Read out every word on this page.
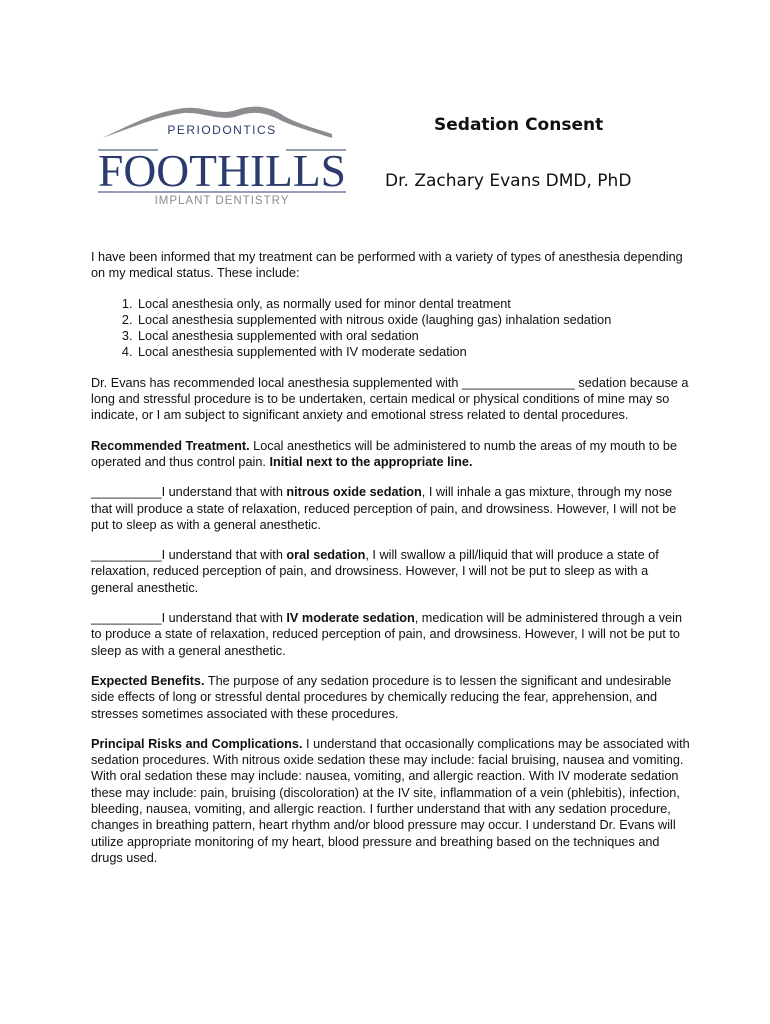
PERIODONTICS
FOOTHILLS
IMPLANT DENTISTRY
Sedation Consent
Dr. Zachary Evans DMD, PhD

I have been informed that my treatment can be performed with a variety of types of anesthesia depending on my medical status. These include:

1. Local anesthesia only, as normally used for minor dental treatment
2. Local anesthesia supplemented with nitrous oxide (laughing gas) inhalation sedation
3. Local anesthesia supplemented with oral sedation
4. Local anesthesia supplemented with IV moderate sedation

Dr. Evans has recommended local anesthesia supplemented with ________________ sedation because a long and stressful procedure is to be undertaken, certain medical or physical conditions of mine may so indicate, or I am subject to significant anxiety and emotional stress related to dental procedures.

Recommended Treatment. Local anesthetics will be administered to numb the areas of my mouth to be operated and thus control pain. Initial next to the appropriate line.

__________I understand that with nitrous oxide sedation, I will inhale a gas mixture, through my nose that will produce a state of relaxation, reduced perception of pain, and drowsiness. However, I will not be put to sleep as with a general anesthetic.

__________I understand that with oral sedation, I will swallow a pill/liquid that will produce a state of relaxation, reduced perception of pain, and drowsiness. However, I will not be put to sleep as with a general anesthetic.

__________I understand that with IV moderate sedation, medication will be administered through a vein to produce a state of relaxation, reduced perception of pain, and drowsiness. However, I will not be put to sleep as with a general anesthetic.

Expected Benefits. The purpose of any sedation procedure is to lessen the significant and undesirable side effects of long or stressful dental procedures by chemically reducing the fear, apprehension, and stresses sometimes associated with these procedures.

Principal Risks and Complications. I understand that occasionally complications may be associated with sedation procedures. With nitrous oxide sedation these may include: facial bruising, nausea and vomiting. With oral sedation these may include: nausea, vomiting, and allergic reaction. With IV moderate sedation these may include: pain, bruising (discoloration) at the IV site, inflammation of a vein (phlebitis), infection, bleeding, nausea, vomiting, and allergic reaction. I further understand that with any sedation procedure, changes in breathing pattern, heart rhythm and/or blood pressure may occur. I understand Dr. Evans will utilize appropriate monitoring of my heart, blood pressure and breathing based on the techniques and drugs used.
